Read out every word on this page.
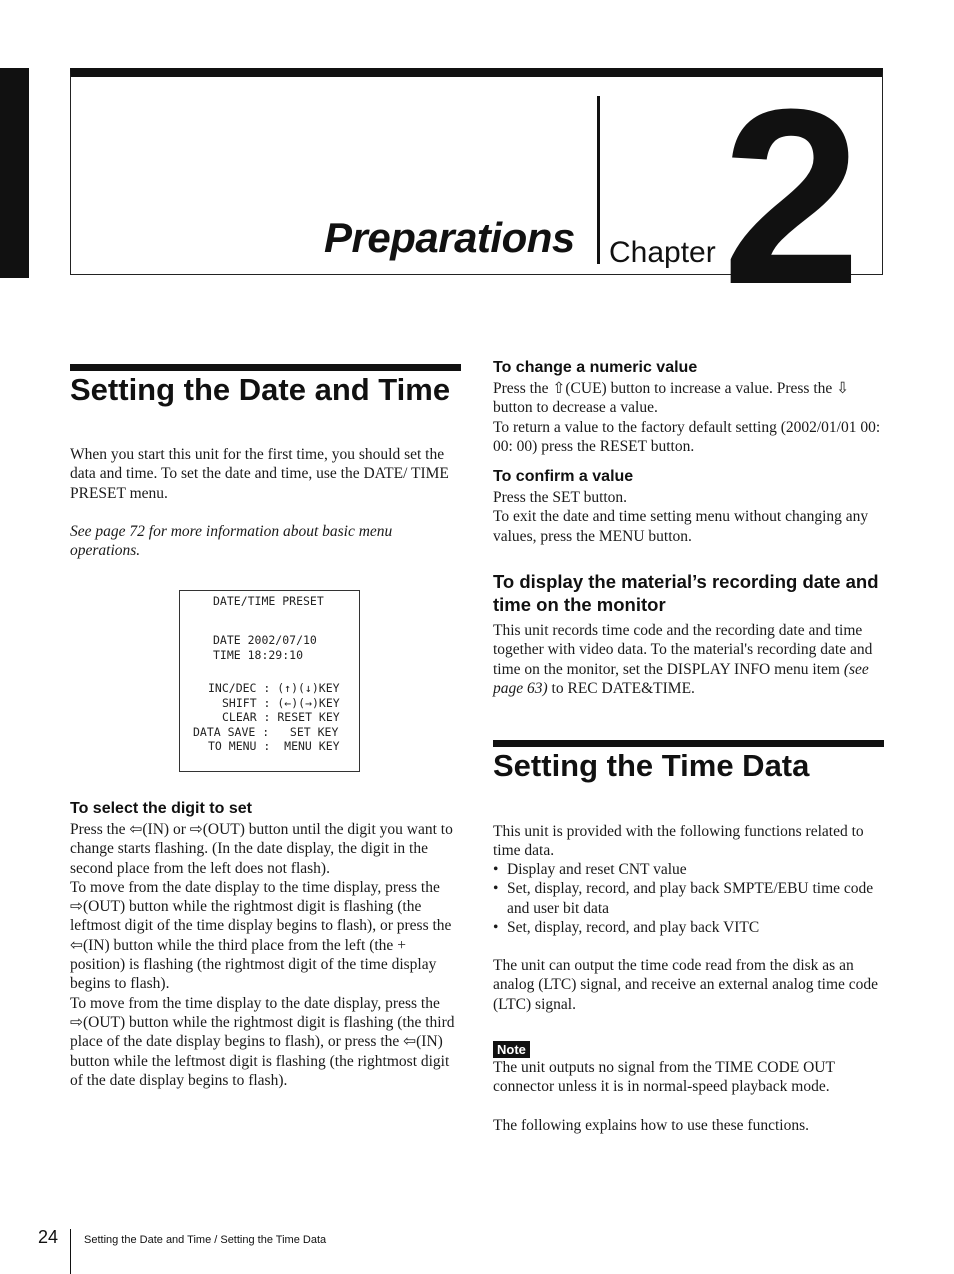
Preparations Chapter 2
Setting the Date and Time

When you start this unit for the first time, you should set the data and time. To set the date and time, use the DATE/ TIME PRESET menu.

See page 72 for more information about basic menu operations.
DATE/TIME PRESET
DATE 2002/07/10
TIME 18:29:10
INC/DEC : (↑)(↓)KEY
SHIFT : (←)(→)KEY
CLEAR : RESET KEY
DATA SAVE :   SET KEY
TO MENU :  MENU KEY
To select the digit to set

Press the ⇦(IN) or ⇨(OUT) button until the digit you want to change starts flashing. (In the date display, the digit in the second place from the left does not flash).

To move from the date display to the time display, press the ⇨(OUT) button while the rightmost digit is flashing (the leftmost digit of the time display begins to flash), or press the ⇦(IN) button while the third place from the left (the + position) is flashing (the rightmost digit of the time display begins to flash).

To move from the time display to the date display, press the ⇨(OUT) button while the rightmost digit is flashing (the third place of the date display begins to flash), or press the ⇦(IN) button while the leftmost digit is flashing (the rightmost digit of the date display begins to flash).

To change a numeric value

Press the ⇧(CUE) button to increase a value. Press the ⇩ button to decrease a value.

To return a value to the factory default setting (2002/01/01 00: 00: 00) press the RESET button.

To confirm a value

Press the SET button.

To exit the date and time setting menu without changing any values, press the MENU button.

To display the material’s recording date and time on the monitor

This unit records time code and the recording date and time together with video data. To the material's recording date and time on the monitor, set the DISPLAY INFO menu item (see page 63) to REC DATE&TIME.

Setting the Time Data
This unit is provided with the following functions related to time data.
• Display and reset CNT value
• Set, display, record, and play back SMPTE/EBU time code and user bit data
• Set, display, record, and play back VITC
The unit can output the time code read from the disk as an analog (LTC) signal, and receive an external analog time code (LTC) signal.
Note
The unit outputs no signal from the TIME CODE OUT connector unless it is in normal-speed playback mode.
The following explains how to use these functions.
24 Setting the Date and Time / Setting the Time Data
